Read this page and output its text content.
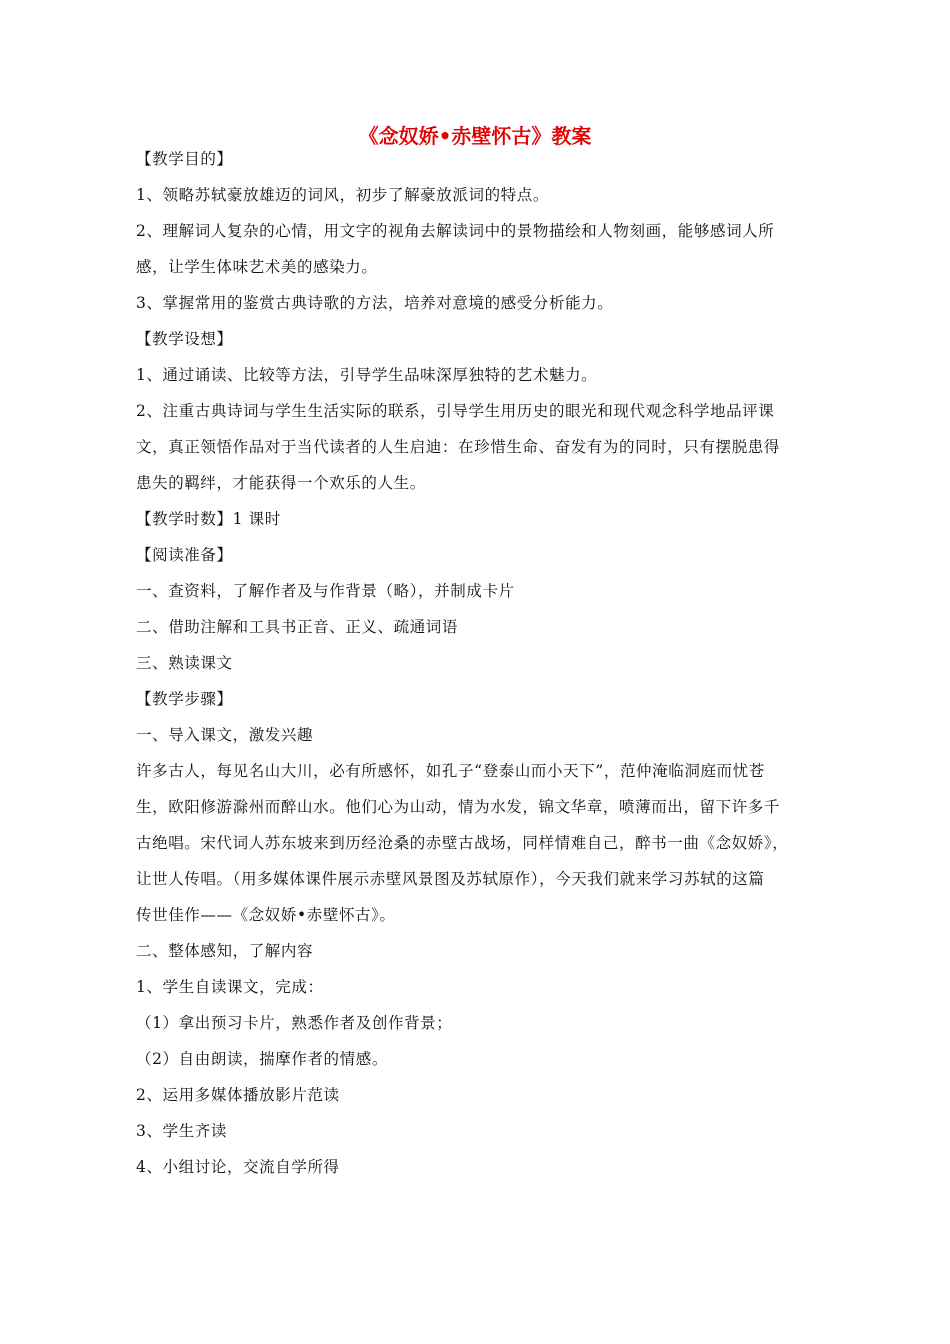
《念奴娇•赤壁怀古》教案
【教学目的】
1、领略苏轼豪放雄迈的词风，初步了解豪放派词的特点。
2、理解词人复杂的心情，用文字的视角去解读词中的景物描绘和人物刻画，能够感词人所
感，让学生体味艺术美的感染力。
3、掌握常用的鉴赏古典诗歌的方法，培养对意境的感受分析能力。
【教学设想】
1、通过诵读、比较等方法，引导学生品味深厚独特的艺术魅力。
2、注重古典诗词与学生生活实际的联系，引导学生用历史的眼光和现代观念科学地品评课
文，真正领悟作品对于当代读者的人生启迪：在珍惜生命、奋发有为的同时，只有摆脱患得
患失的羁绊，才能获得一个欢乐的人生。
【教学时数】1 课时
【阅读准备】
一、查资料，了解作者及与作背景（略），并制成卡片
二、借助注解和工具书正音、正义、疏通词语
三、熟读课文
【教学步骤】
一、导入课文，激发兴趣
许多古人，每见名山大川，必有所感怀，如孔子“登泰山而小天下”，范仲淹临洞庭而忧苍
生，欧阳修游滁州而醉山水。他们心为山动，情为水发，锦文华章，喷薄而出，留下许多千
古绝唱。宋代词人苏东坡来到历经沧桑的赤壁古战场，同样情难自己，醉书一曲《念奴娇》，
让世人传唱。（用多媒体课件展示赤壁风景图及苏轼原作），今天我们就来学习苏轼的这篇
传世佳作——《念奴娇•赤壁怀古》。
二、整体感知，了解内容
1、学生自读课文，完成：
（1）拿出预习卡片，熟悉作者及创作背景；
（2）自由朗读，揣摩作者的情感。
2、运用多媒体播放影片范读
3、学生齐读
4、小组讨论，交流自学所得
